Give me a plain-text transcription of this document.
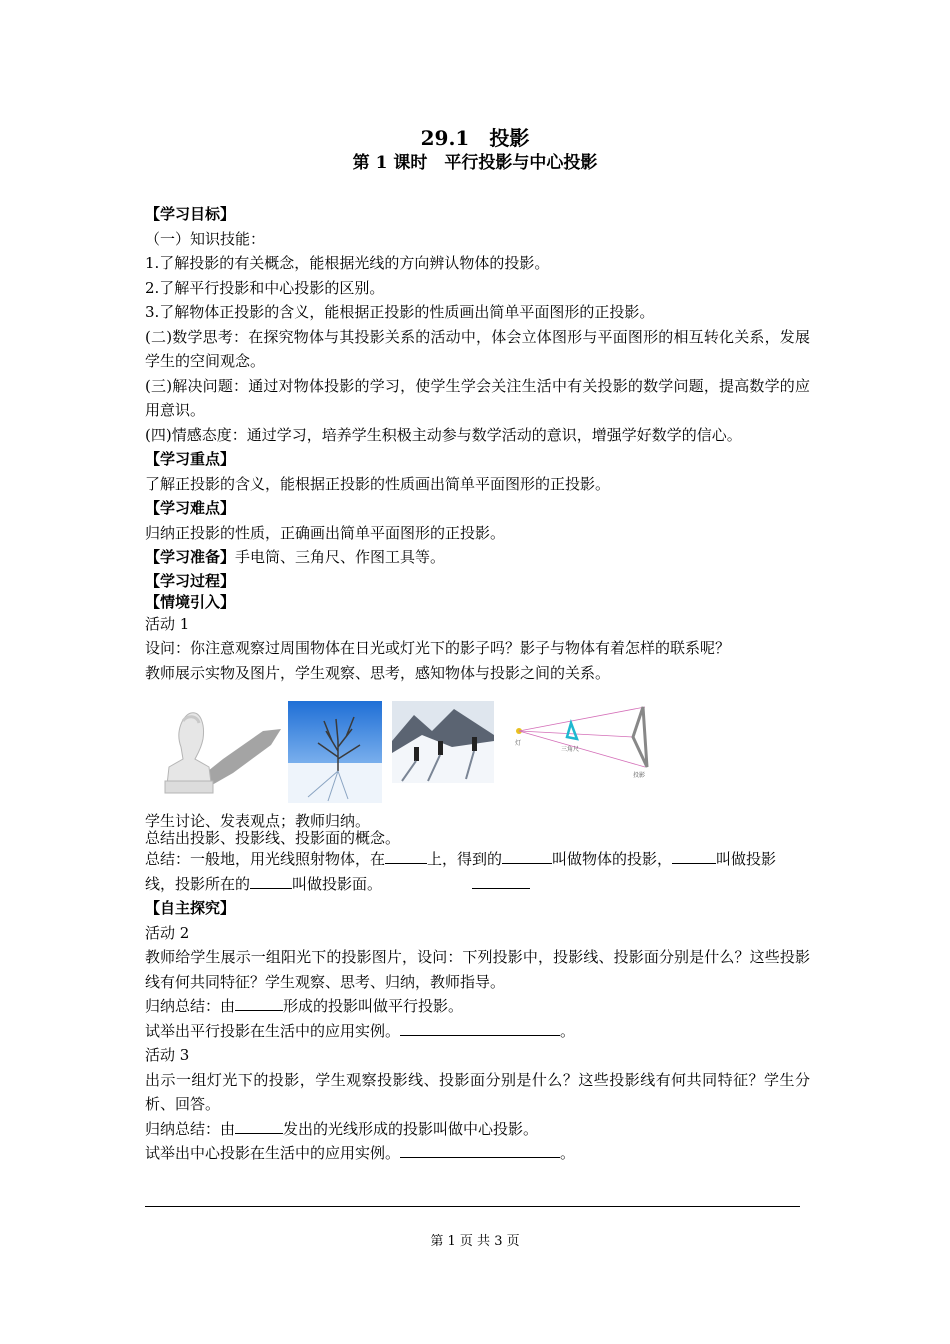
29.1　投影
第 1 课时　平行投影与中心投影
【学习目标】
（一）知识技能：
1.了解投影的有关概念，能根据光线的方向辨认物体的投影。
2.了解平行投影和中心投影的区别。
3.了解物体正投影的含义，能根据正投影的性质画出简单平面图形的正投影。
(二)数学思考：在探究物体与其投影关系的活动中，体会立体图形与平面图形的相互转化关系，发展学生的空间观念。
(三)解决问题：通过对物体投影的学习，使学生学会关注生活中有关投影的数学问题，提高数学的应用意识。
(四)情感态度：通过学习，培养学生积极主动参与数学活动的意识，增强学好数学的信心。
【学习重点】
了解正投影的含义，能根据正投影的性质画出简单平面图形的正投影。
【学习难点】
归纳正投影的性质，正确画出简单平面图形的正投影。
【学习准备】手电筒、三角尺、作图工具等。
【学习过程】
【情境引入】
活动 1
设问：你注意观察过周围物体在日光或灯光下的影子吗？影子与物体有着怎样的联系呢？
教师展示实物及图片，学生观察、思考，感知物体与投影之间的关系。
灯
三角尺
投影
学生讨论、发表观点；教师归纳。
总结出投影、投影线、投影面的概念。
总结：一般地，用光线照射物体，在	上，得到的	叫做物体的投影，	叫做投影
线，投影所在的	叫做投影面。
【自主探究】
活动 2
教师给学生展示一组阳光下的投影图片，设问：下列投影中，投影线、投影面分别是什么？这些投影线有何共同特征？学生观察、思考、归纳，教师指导。
归纳总结：由	形成的投影叫做平行投影。
试举出平行投影在生活中的应用实例。	。
活动 3
出示一组灯光下的投影，学生观察投影线、投影面分别是什么？这些投影线有何共同特征？学生分析、回答。
归纳总结：由	发出的光线形成的投影叫做中心投影。
试举出中心投影在生活中的应用实例。	。
第 1 页 共 3 页
